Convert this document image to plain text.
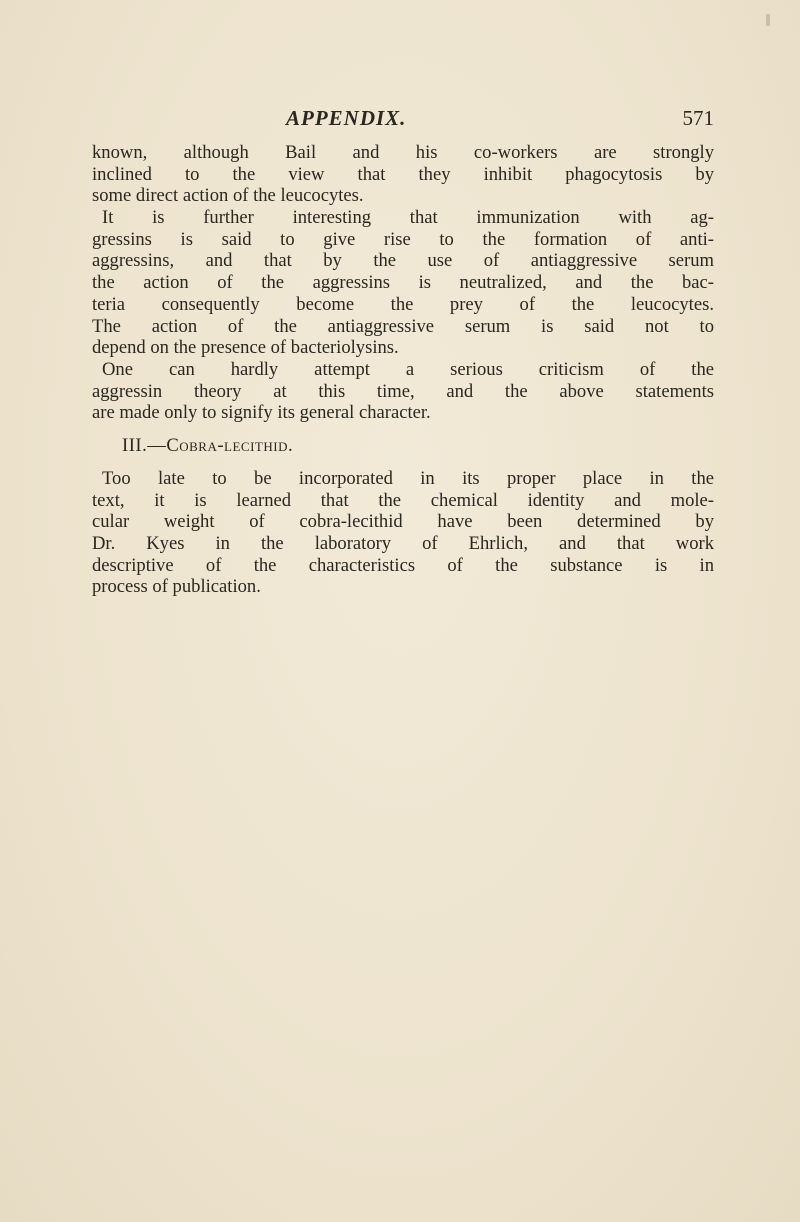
APPENDIX.	571
known, although Bail and his co-workers are strongly
inclined to the view that they inhibit phagocytosis by
some direct action of the leucocytes.
It is further interesting that immunization with ag-
gressins is said to give rise to the formation of anti-
aggressins, and that by the use of antiaggressive serum
the action of the aggressins is neutralized, and the bac-
teria consequently become the prey of the leucocytes.
The action of the antiaggressive serum is said not to
depend on the presence of bacteriolysins.
One can hardly attempt a serious criticism of the
aggressin theory at this time, and the above statements
are made only to signify its general character.
III.—Cobra-lecithid.
Too late to be incorporated in its proper place in the
text, it is learned that the chemical identity and mole-
cular weight of cobra-lecithid have been determined by
Dr. Kyes in the laboratory of Ehrlich, and that work
descriptive of the characteristics of the substance is in
process of publication.
